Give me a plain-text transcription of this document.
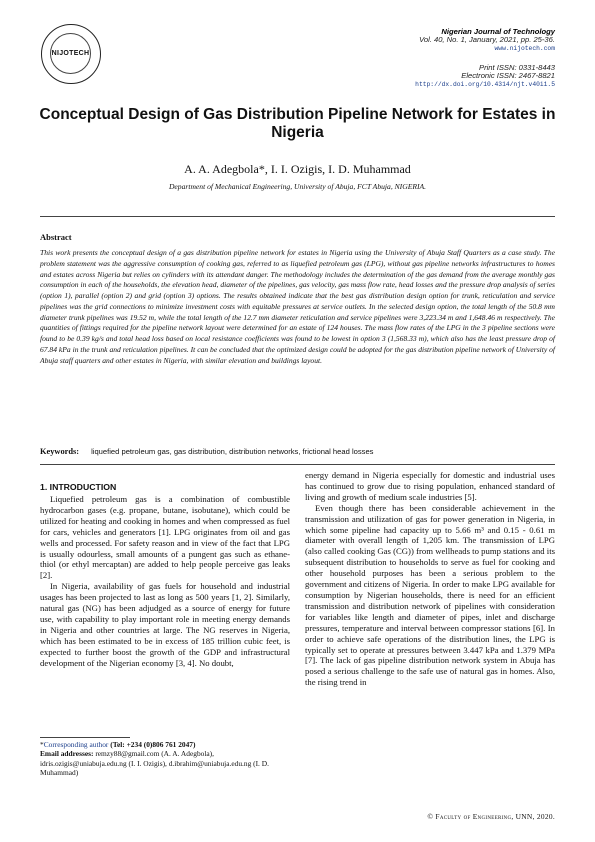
NIJOTECH
Nigerian Journal of Technology
Vol. 40, No. 1, January, 2021, pp. 25-36.
www.nijotech.com
Print ISSN: 0331-8443
Electronic ISSN: 2467-8821
http://dx.doi.org/10.4314/njt.v40i1.5
Conceptual Design of Gas Distribution Pipeline Network for Estates in Nigeria
A. A. Adegbola*, I. I. Ozigis, I. D. Muhammad
Department of Mechanical Engineering, University of Abuja, FCT Abuja, NIGERIA.
Abstract
This work presents the conceptual design of a gas distribution pipeline network for estates in Nigeria using the University of Abuja Staff Quarters as a case study. The problem statement was the aggressive consumption of cooking gas, referred to as liquefied petroleum gas (LPG), without gas pipeline networks infrastructures to homes and estates across Nigeria but relies on cylinders with its attendant danger. The methodology includes the determination of the gas demand from the average monthly gas consumption in each of the households, the elevation head, diameter of the pipelines, gas velocity, gas mass flow rate, head losses and the pressure drop analysis of series (option 1), parallel (option 2) and grid (option 3) options. The results obtained indicate that the best gas distribution design option for trunk, reticulation and service pipelines was the grid connections to minimize investment costs with equitable pressures at service outlets. In the selected design option, the total length of the 50.8 mm diameter trunk pipelines was 19.52 m, while the total length of the 12.7 mm diameter reticulation and service pipelines were 3,223.34 m and 1,648.46 m respectively. The quantities of fittings required for the pipeline network layout were determined for an estate of 124 houses. The mass flow rates of the LPG in the 3 pipeline sections were found to be 0.39 kg/s and total head loss based on local resistance coefficients was found to be lowest in option 3 (1,568.33 m), which also has the least pressure drop of 67.84 kPa in the trunk and reticulation pipelines. It can be concluded that the optimized design could be adopted for the gas distribution pipeline network of University of Abuja staff quarters and other estates in Nigeria, with similar elevation and buildings layout.
Keywords: liquefied petroleum gas, gas distribution, distribution networks, frictional head losses
1. INTRODUCTION

Liquefied petroleum gas is a combination of combustible hydrocarbon gases (e.g. propane, butane, isobutane), which could be utilized for heating and cooking in homes and when compressed as fuel for cars, vehicles and generators [1]. LPG originates from oil and gas wells and processed. For safety reason and in view of the fact that LPG is usually odourless, small amounts of a pungent gas such as ethane-thiol (or ethyl mercaptan) are added to help people perceive gas leaks [2].

In Nigeria, availability of gas fuels for household and industrial usages has been projected to last as long as 500 years [1, 2]. Similarly, natural gas (NG) has been adjudged as a source of energy for future use, with capability to play important role in meeting energy demands in Nigeria and other countries at large. The NG reserves in Nigeria, which has been estimated to be in excess of 185 trillion cubic feet, is expected to further boost the growth of the GDP and infrastructural development of the Nigerian economy [3, 4]. No doubt,

energy demand in Nigeria especially for domestic and industrial uses has continued to grow due to rising population, enhanced standard of living and growth of medium scale industries [5].

Even though there has been considerable achievement in the transmission and utilization of gas for power generation in Nigeria, in which some pipeline had capacity up to 5.66 m³ and 0.15 - 0.61 m diameter with overall length of 1,205 km. The transmission of LPG (also called cooking Gas (CG)) from wellheads to pump stations and its subsequent distribution to households to serve as fuel for cooking and other household purposes has been a serious problem to the government and citizens of Nigeria. In order to make LPG available for consumption by Nigerian households, there is need for an efficient transmission and distribution network of pipelines with consideration for variables like length and diameter of pipes, inlet and discharge pressures, temperature and interval between compressor stations [6]. In order to achieve safe operations of the distribution lines, the LPG is typically set to operate at pressures between 3.447 kPa and 1.379 MPa [7]. The lack of gas pipeline distribution network system in Abuja has posed a serious challenge to the safe use of natural gas in homes. Also, the rising trend in

*Corresponding author (Tel: +234 (0)806 761 2047)
Email addresses: remzy88@gmail.com (A. A. Adegbola), idris.ozigis@uniabuja.edu.ng (I. I. Ozigis), d.ibrahim@uniabuja.edu.ng (I. D. Muhammad)
© Faculty of Engineering, UNN, 2020.
